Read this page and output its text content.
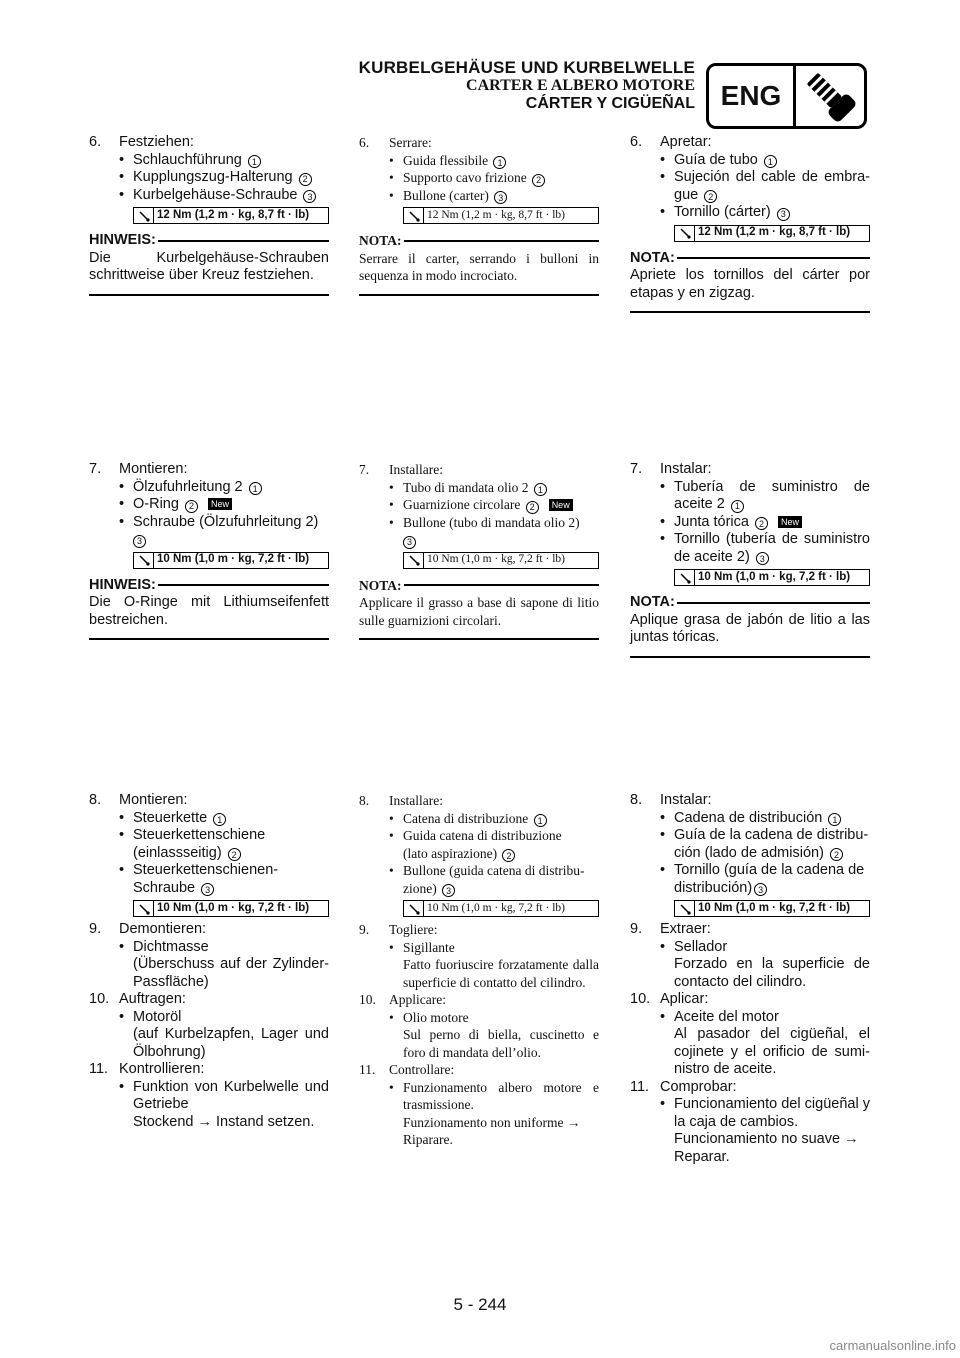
KURBELGEHÄUSE UND KURBELWELLE
CARTER E ALBERO MOTORE
CÁRTER Y CIGÜEÑAL ENG
6.	Festziehen:
• Schlauchführung 1
• Kupplungszug-Halterung 2
• Kurbelgehäuse-Schraube 3
12 Nm (1,2 m · kg, 8,7 ft · lb)
HINWEIS:
Die Kurbelgehäuse-Schrauben schrittweise über Kreuz festziehen.
7.	Montieren:
• Ölzufuhrleitung 2 1
• O-Ring 2 New
• Schraube (Ölzufuhrleitung 2)
3
10 Nm (1,0 m · kg, 7,2 ft · lb)
HINWEIS:
Die O-Ringe mit Lithiumseifenfett bestreichen.
8.	Montieren:
• Steuerkette 1
• Steuerkettenschiene
(einlassseitig) 2
• Steuerkettenschienen-
Schraube 3
10 Nm (1,0 m · kg, 7,2 ft · lb)
9.	Demontieren:
• Dichtmasse
(Überschuss auf der Zylinder-Passfläche)
10. Auftragen:
• Motoröl
(auf Kurbelzapfen, Lager und Ölbohrung)
11. Kontrollieren:
• Funktion von Kurbelwelle und Getriebe
Stockend → Instand setzen.
6.	Serrare:
• Guida flessibile 1
• Supporto cavo frizione 2
• Bullone (carter) 3
12 Nm (1,2 m · kg, 8,7 ft · lb)
NOTA:
Serrare il carter, serrando i bulloni in sequenza in modo incrociato.
7.	Installare:
• Tubo di mandata olio 2 1
• Guarnizione circolare 2 New
• Bullone (tubo di mandata olio 2)
3
10 Nm (1,0 m · kg, 7,2 ft · lb)
NOTA:
Applicare il grasso a base di sapone di litio sulle guarnizioni circolari.
8.	Installare:
• Catena di distribuzione 1
• Guida catena di distribuzione
(lato aspirazione) 2
• Bullone (guida catena di distribu-
zione) 3
10 Nm (1,0 m · kg, 7,2 ft · lb)
9.	Togliere:
• Sigillante
Fatto fuoriuscire forzatamente dalla superficie di contatto del cilindro.
10. Applicare:
• Olio motore
Sul perno di biella, cuscinetto e foro di mandata dell’olio.
11.	Controllare:
• Funzionamento albero motore e trasmissione.
Funzionamento non uniforme → Riparare.
6.	Apretar:
• Guía de tubo 1
• Sujeción del cable de embra-gue 2
• Tornillo (cárter) 3
12 Nm (1,2 m · kg, 8,7 ft · lb)
NOTA:
Apriete los tornillos del cárter por etapas y en zigzag.
7.	Instalar:
• Tubería de suministro de aceite 2 1
• Junta tórica 2 New
• Tornillo (tubería de suministro de aceite 2) 3
10 Nm (1,0 m · kg, 7,2 ft · lb)
NOTA:
Aplique grasa de jabón de litio a las juntas tóricas.
8.	Instalar:
• Cadena de distribución 1
• Guía de la cadena de distribu-
ción (lado de admisión) 2
• Tornillo (guía de la cadena de
distribución) 3
10 Nm (1,0 m · kg, 7,2 ft · lb)
9.	Extraer:
• Sellador
Forzado en la superficie de contacto del cilindro.
10. Aplicar:
• Aceite del motor
Al pasador del cigüeñal, el cojinete y el orificio de sumi-nistro de aceite.
11. Comprobar:
• Funcionamiento del cigüeñal y la caja de cambios.
Funcionamiento no suave → Reparar.
5 - 244
carmanualsonline.info
